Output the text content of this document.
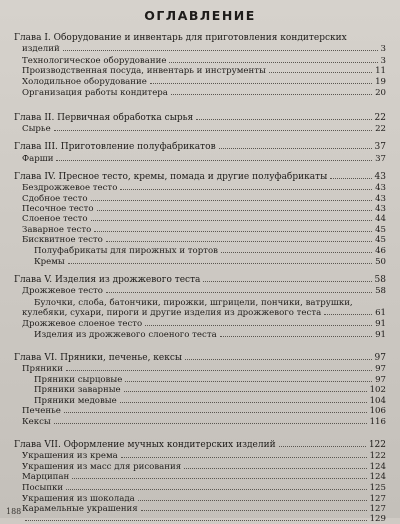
ОГЛАВЛЕНИЕ
Глава I. Оборудование и инвентарь для приготовления кондитерских
изделий	3
Технологическое оборудование	3
Производственная посуда, инвентарь и инструменты	11
Холодильное оборудование	19
Организация работы кондитера	20
Глава II. Первичная обработка сырья	22
Сырье	22
Глава III. Приготовление полуфабрикатов	37
Фарши	37
Глава IV. Пресное тесто, кремы, помада и другие полуфабрикаты	43
Бездрожжевое тесто	43
Сдобное тесто	43
Песочное тесто	43
Слоеное тесто	44
Заварное тесто	45
Бисквитное тесто	45
Полуфабрикаты для пирожных и тортов	46
Кремы	50
Глава V. Изделия из дрожжевого теста	58
Дрожжевое тесто	58
Булочки, слоба, батончики, пирожки, шгрицели, пончики, ватрушки,
кулебяки, сухари, пироги и другие изделия из дрожжевого теста	61
Дрожжевое слоеное тесто	91
Изделия из дрожжевого слоеного теста	91
Глава VI. Пряники, печенье, кексы	97
Пряники	97
Пряники сырцовые	97
Пряники заварные	102
Пряники медовые	104
Печенье	106
Кексы	116
Глава VII. Оформление мучных кондитерских изделий	122
Украшения из крема	122
Украшения из масс для рисования	124
Марципан	124
Посыпки	125
Украшения из шоколада	127
Карамельные украшения	127
129
188
